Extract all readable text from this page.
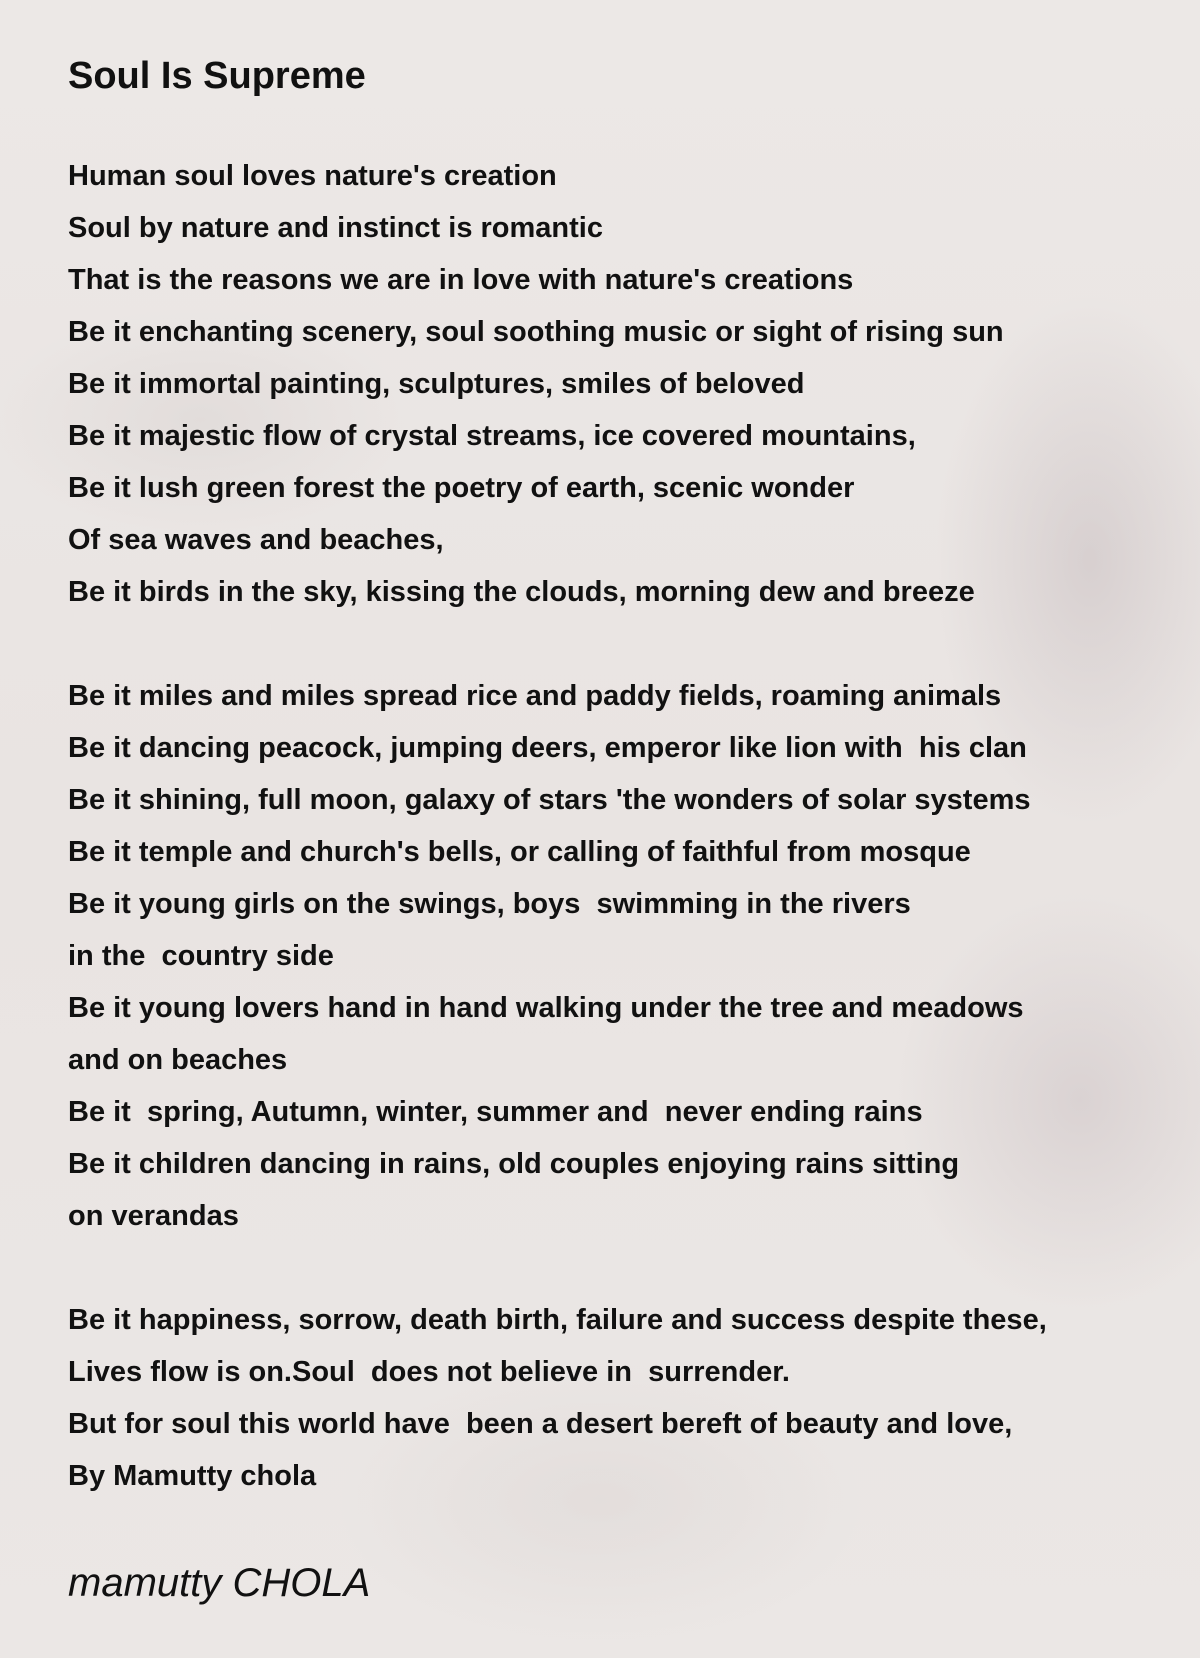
Soul Is Supreme
Human soul loves nature's creation
Soul by nature and instinct is romantic
That is the reasons we are in love with nature's creations
Be it enchanting scenery, soul soothing music or sight of rising sun
Be it immortal painting, sculptures, smiles of beloved
Be it majestic flow of crystal streams, ice covered mountains,
Be it lush green forest the poetry of earth, scenic wonder
Of sea waves and beaches,
Be it birds in the sky, kissing the clouds, morning dew and breeze
Be it miles and miles spread rice and paddy fields, roaming animals
Be it dancing peacock, jumping deers, emperor like lion with  his clan
Be it shining, full moon, galaxy of stars 'the wonders of solar systems
Be it temple and church's bells, or calling of faithful from mosque
Be it young girls on the swings, boys  swimming in the rivers
in the  country side
Be it young lovers hand in hand walking under the tree and meadows
and on beaches
Be it  spring, Autumn, winter, summer and  never ending rains
Be it children dancing in rains, old couples enjoying rains sitting
on verandas
Be it happiness, sorrow, death birth, failure and success despite these,
Lives flow is on.Soul  does not believe in  surrender.
But for soul this world have  been a desert bereft of beauty and love,
By Mamutty chola
mamutty CHOLA
